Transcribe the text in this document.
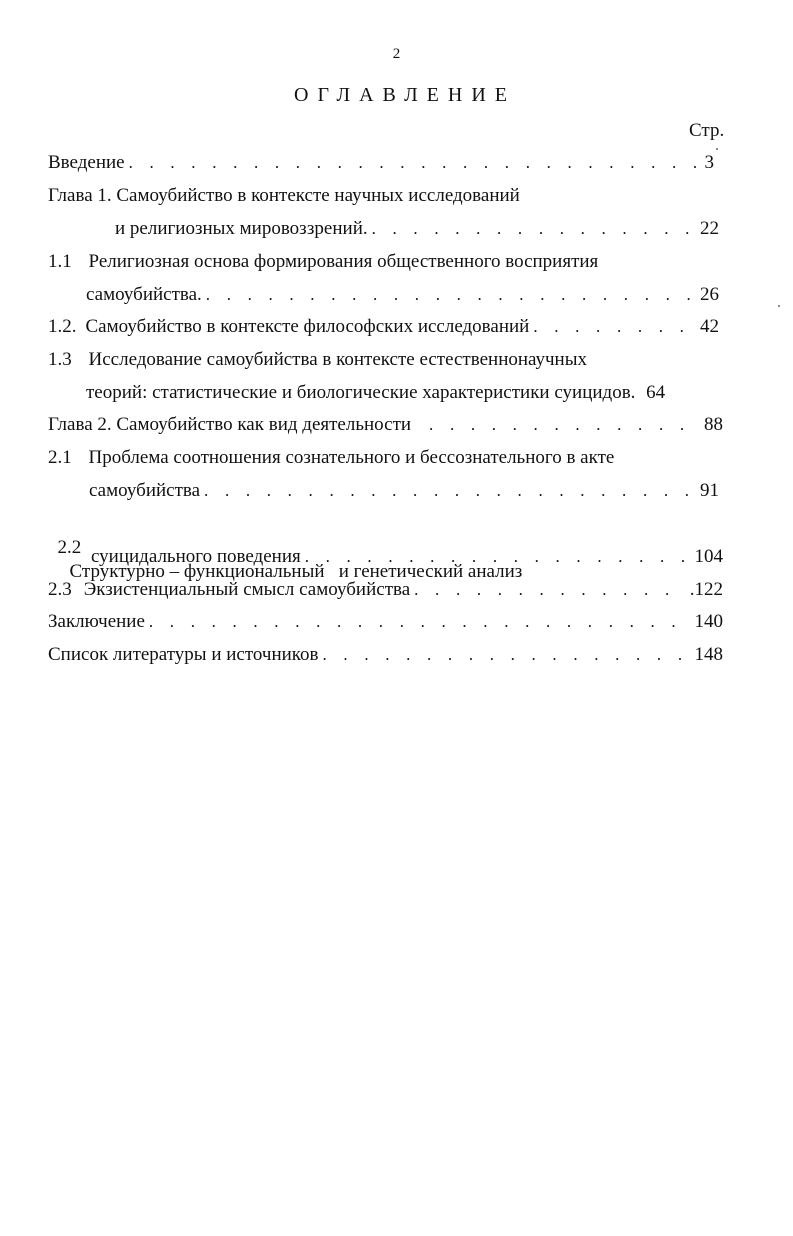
2
ОГЛАВЛЕНИЕ
Стр.
Введение . . .	3
Глава 1. Самоубийство в контексте научных исследований
и религиозных мировоззрений. . . .	22
1.1 Религиозная основа формирования общественного восприятия
самоубийства. . . .	26
1.2. Самоубийство в контексте философских исследований . . .	42
1.3 Исследование самоубийства в контексте естественнонаучных
теорий: статистические и биологические характеристики суицидов. 64
Глава 2. Самоубийство как вид деятельности . . .	88
2.1 Проблема соотношения сознательного и бессознательного в акте
самоубийства . . .	91

2.2
Структурно – функциональный   и генетический анализ

суицидального поведения . . .	104
2.3 Экзистенциальный смысл самоубийства . . .	.122
Заключение . . .	140
Список литературы и источников . . .	148
